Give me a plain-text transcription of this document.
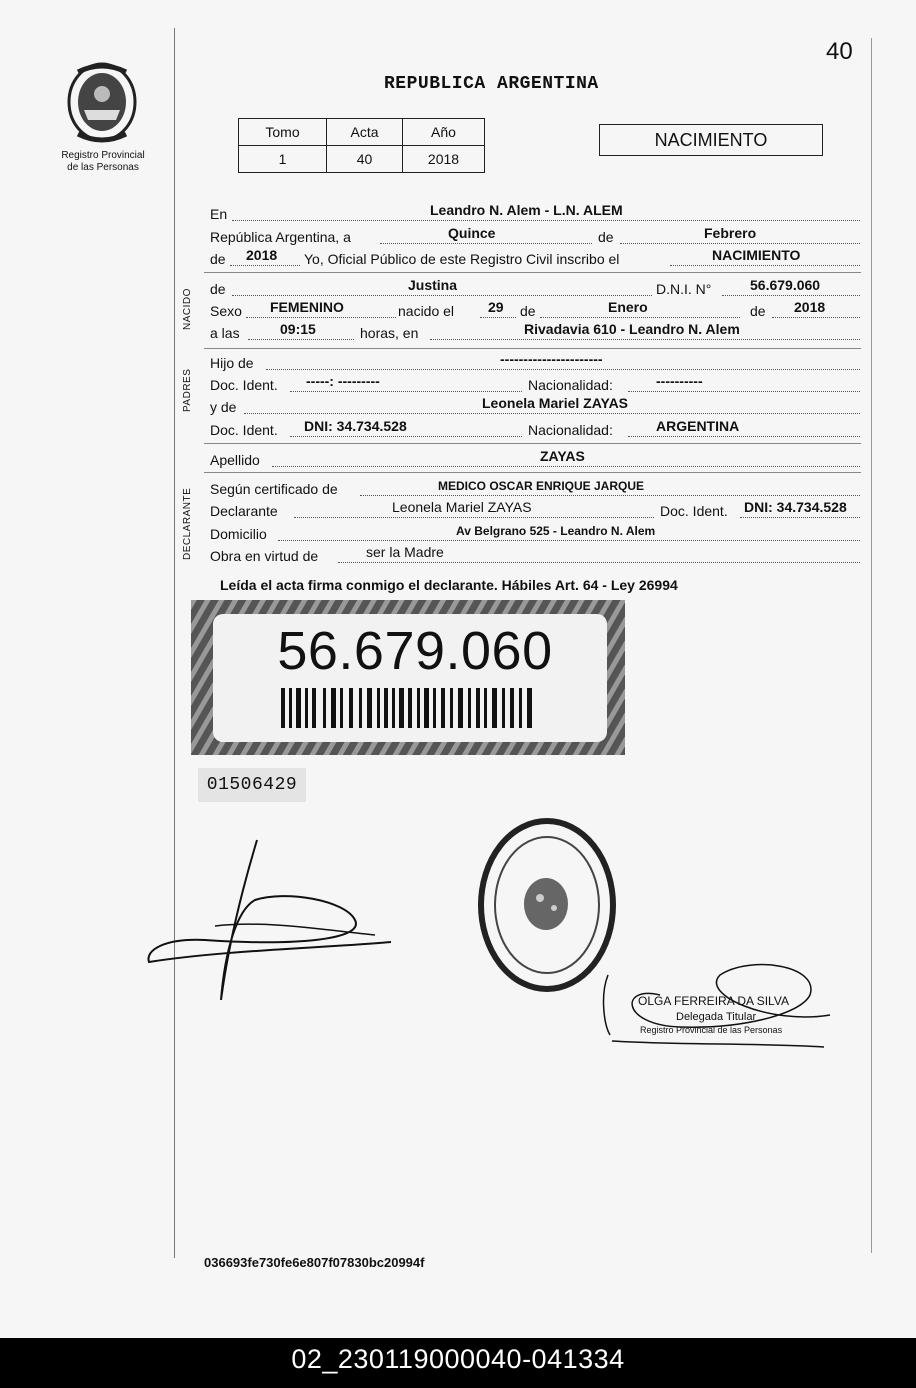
40
Registro Provincial
de las Personas
REPUBLICA ARGENTINA
Tomo	Acta	Año
1	40	2018
NACIMIENTO
En	Leandro N. Alem - L.N. ALEM
República Argentina, a	Quince	de	Febrero
de 2018 Yo, Oficial Público de este Registro Civil inscribo el	NACIMIENTO
NACIDO de	Justina	D.N.I. N°	56.679.060
Sexo FEMENINO	nacido el 29 de	Enero	de 2018
a las	09:15	horas, en	Rivadavia 610 - Leandro N. Alem
PADRES
Hijo de	----------------------
Doc. Ident. -----: ---------	Nacionalidad:	----------
y de	Leonela Mariel ZAYAS
Doc. Ident. DNI: 34.734.528	Nacionalidad:	ARGENTINA
Apellido	ZAYAS
DECLARANTE Según certificado de	MEDICO OSCAR ENRIQUE JARQUE
Declarante	Leonela Mariel ZAYAS	Doc. Ident. DNI: 34.734.528
Domicilio	Av Belgrano 525 - Leandro N. Alem
Obra en virtud de	ser la Madre
Leída el acta firma conmigo el declarante. Hábiles Art. 64 - Ley 26994
56.679.060
01506429
OLGA FERREIRA DA SILVA
Delegada Titular
Registro Provincial de las Personas
036693fe730fe6e807f07830bc20994f
02_230119000040-041334
